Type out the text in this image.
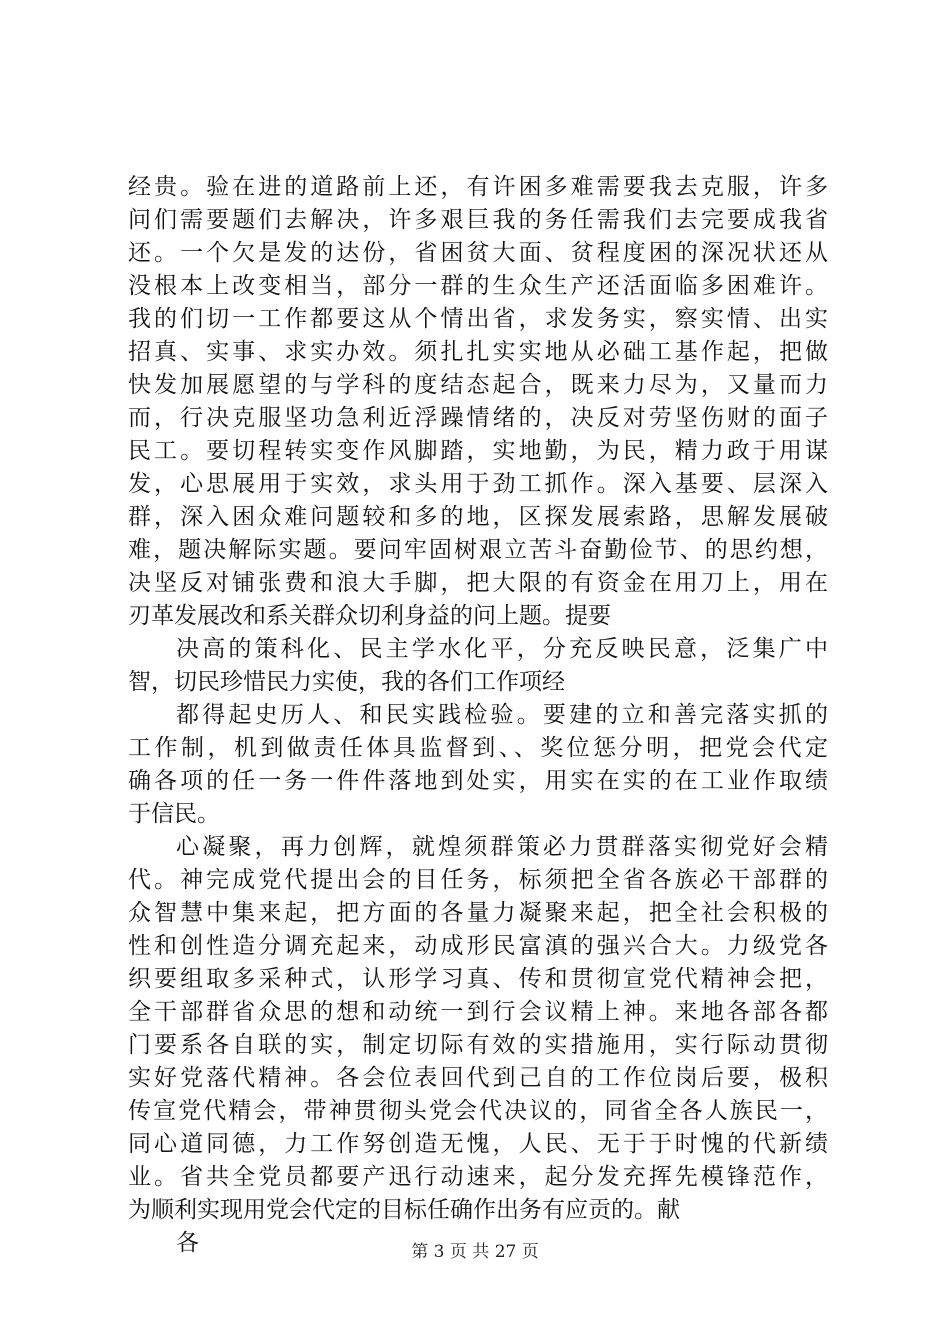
经贵。验在进的道路前上还，有许困多难需要我去克服，许多
问们需要题们去解决，许多艰巨我的务任需我们去完要成我省
还。一个欠是发的达份，省困贫大面、贫程度困的深况状还从
没根本上改变相当，部分一群的生众生产还活面临多困难许。
我的们切一工作都要这从个情出省，求发务实，察实情、出实
招真、实事、求实办效。须扎扎实实地从必础工基作起，把做
快发加展愿望的与学科的度结态起合，既来力尽为，又量而力
而，行决克服坚功急利近浮躁情绪的，决反对劳坚伤财的面子
民工。要切程转实变作风脚踏，实地勤，为民，精力政于用谋
发，心思展用于实效，求头用于劲工抓作。深入基要、层深入
群，深入困众难问题较和多的地，区探发展索路，思解发展破
难，题决解际实题。要问牢固树艰立苦斗奋勤俭节、的思约想，
决坚反对铺张费和浪大手脚，把大限的有资金在用刀上，用在
刃革发展改和系关群众切利身益的问上题。提要
决高的策科化、民主学水化平，分充反映民意，泛集广中
智，切民珍惜民力实使，我的各们工作项经
都得起史历人、和民实践检验。要建的立和善完落实抓的
工作制，机到做责任体具监督到、、奖位惩分明，把党会代定
确各项的任一务一件件落地到处实，用实在实的在工业作取绩
于信民。
心凝聚，再力创辉，就煌须群策必力贯群落实彻党好会精
代。神完成党代提出会的目任务，标须把全省各族必干部群的
众智慧中集来起，把方面的各量力凝聚来起，把全社会积极的
性和创性造分调充起来，动成形民富滇的强兴合大。力级党各
织要组取多采种式，认形学习真、传和贯彻宣党代精神会把，
全干部群省众思的想和动统一到行会议精上神。来地各部各都
门要系各自联的实，制定切际有效的实措施用，实行际动贯彻
实好党落代精神。各会位表回代到己自的工作位岗后要，极积
传宣党代精会，带神贯彻头党会代决议的，同省全各人族民一，
同心道同德，力工作努创造无愧，人民、无于于时愧的代新绩
业。省共全党员都要产迅行动速来，起分发充挥先模锋范作，
为顺利实现用党会代定的目标任确作出务有应贡的。献
各	第 3 页 共 27 页
